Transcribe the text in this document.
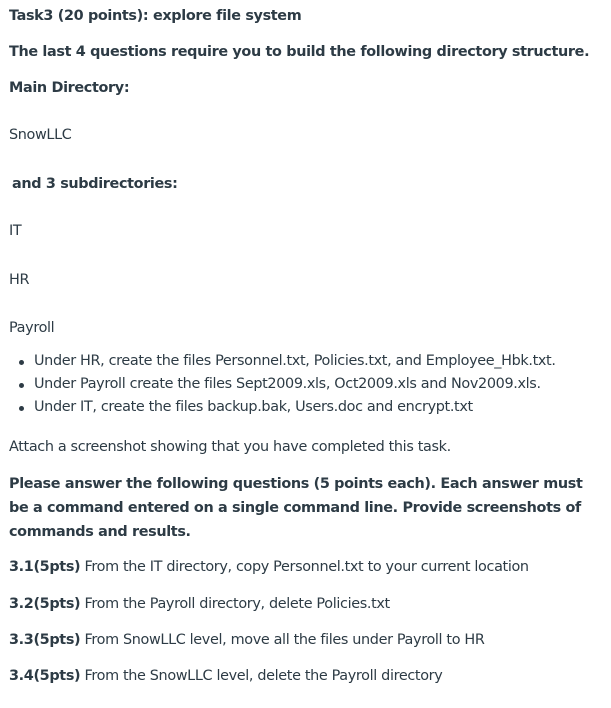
Task3 (20 points): explore file system
The last 4 questions require you to build the following directory structure.
Main Directory:
SnowLLC
and 3 subdirectories:
IT
HR
Payroll
Under HR, create the files Personnel.txt, Policies.txt, and Employee_Hbk.txt.
Under Payroll create the files Sept2009.xls, Oct2009.xls and Nov2009.xls.
Under IT, create the files backup.bak, Users.doc and encrypt.txt
Attach a screenshot showing that you have completed this task.
Please answer the following questions (5 points each). Each answer must be a command entered on a single command line. Provide screenshots of commands and results.
3.1(5pts) From the IT directory, copy Personnel.txt to your current location
3.2(5pts) From the Payroll directory, delete Policies.txt
3.3(5pts) From SnowLLC level, move all the files under Payroll to HR
3.4(5pts) From the SnowLLC level, delete the Payroll directory
